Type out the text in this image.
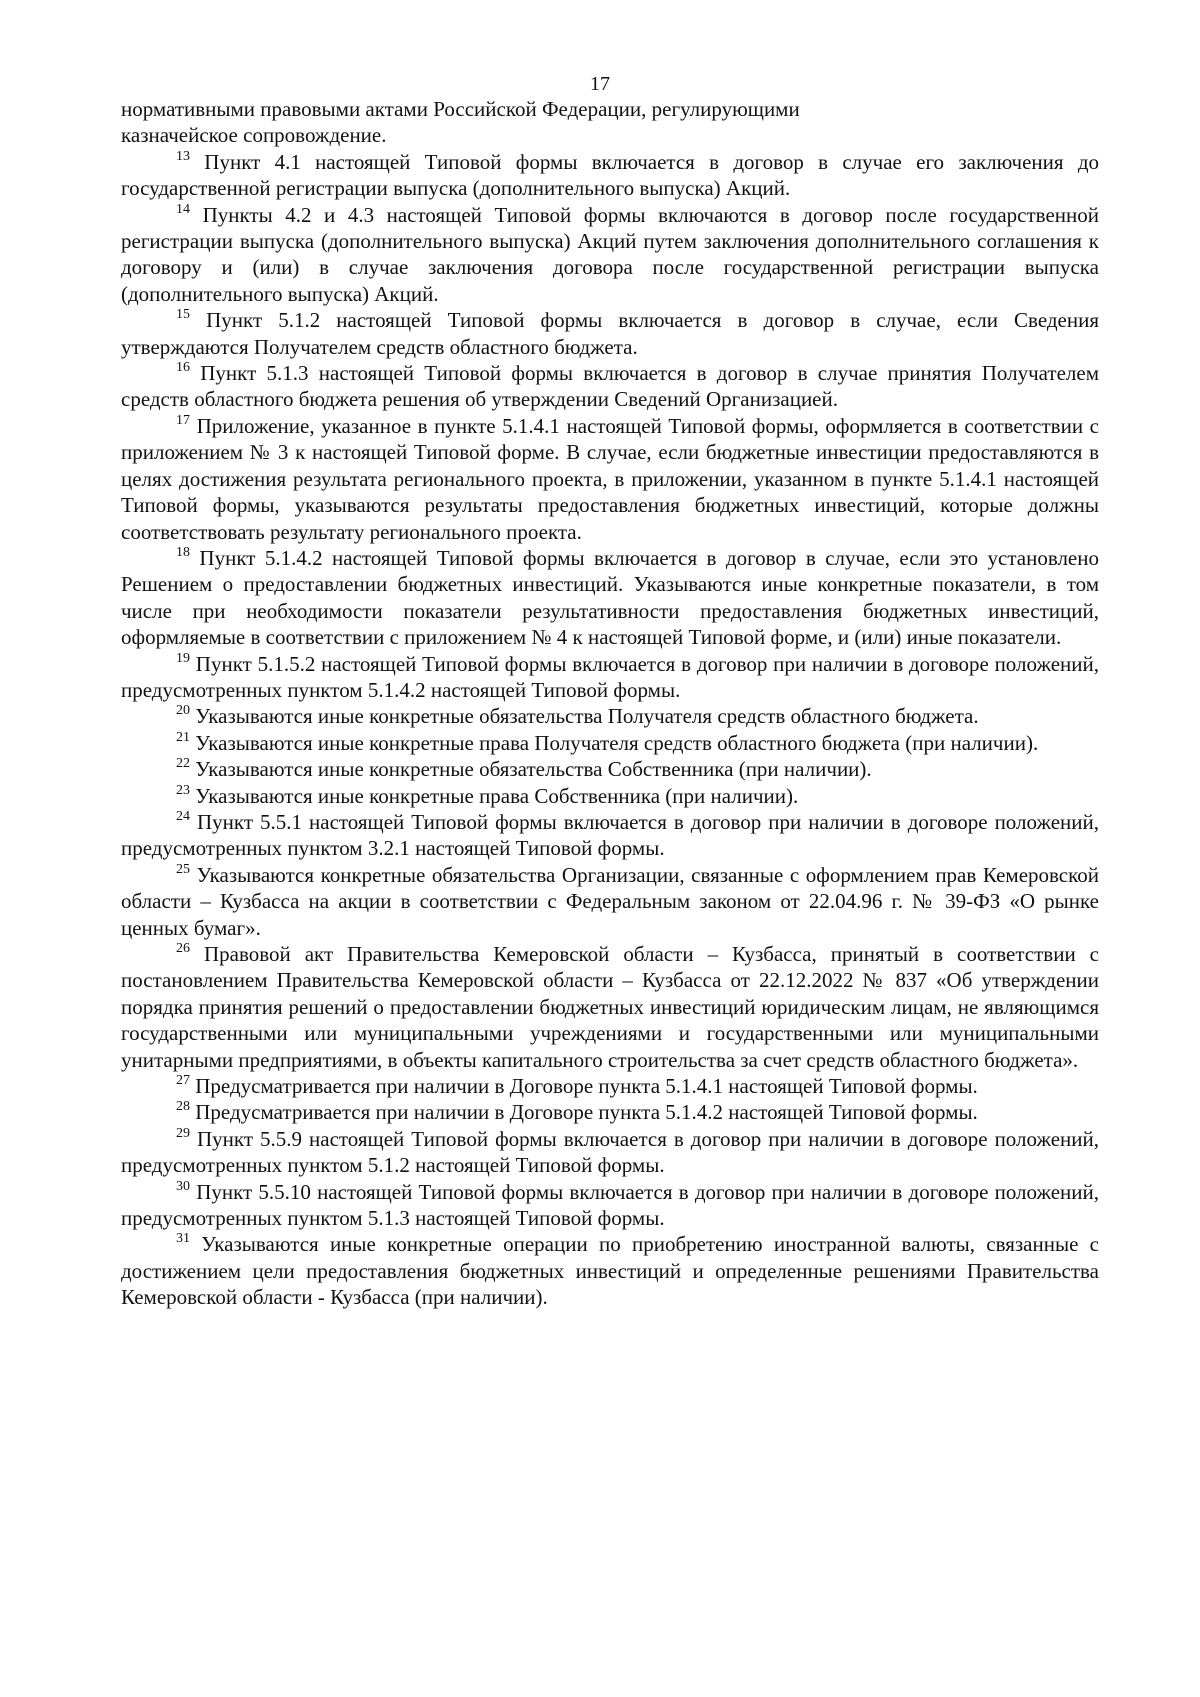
17

нормативными правовыми актами Российской Федерации, регулирующими
казначейское сопровождение.

$^{13}$ Пункт 4.1 настоящей Типовой формы включается в договор в случае его заключения до государственной регистрации выпуска (дополнительного выпуска) Акций.

$^{14}$ Пункты 4.2 и 4.3 настоящей Типовой формы включаются в договор после государственной регистрации выпуска (дополнительного выпуска) Акций путем заключения дополнительного соглашения к договору и (или) в случае заключения договора после государственной регистрации выпуска (дополнительного выпуска) Акций.

$^{15}$ Пункт 5.1.2 настоящей Типовой формы включается в договор в случае, если Сведения утверждаются Получателем средств областного бюджета.

$^{16}$ Пункт 5.1.3 настоящей Типовой формы включается в договор в случае принятия Получателем средств областного бюджета решения об утверждении Сведений Организацией.

$^{17}$ Приложение, указанное в пункте 5.1.4.1 настоящей Типовой формы, оформляется в соответствии с приложением № 3 к настоящей Типовой форме. В случае, если бюджетные инвестиции предоставляются в целях достижения результата регионального проекта, в приложении, указанном в пункте 5.1.4.1 настоящей Типовой формы, указываются результаты предоставления бюджетных инвестиций, которые должны соответствовать результату регионального проекта.

$^{18}$ Пункт 5.1.4.2 настоящей Типовой формы включается в договор в случае, если это установлено Решением о предоставлении бюджетных инвестиций. Указываются иные конкретные показатели, в том числе при необходимости показатели результативности предоставления бюджетных инвестиций, оформляемые в соответствии с приложением № 4 к настоящей Типовой форме, и (или) иные показатели.

$^{19}$ Пункт 5.1.5.2 настоящей Типовой формы включается в договор при наличии в договоре положений, предусмотренных пунктом 5.1.4.2 настоящей Типовой формы.

$^{20}$ Указываются иные конкретные обязательства Получателя средств областного бюджета.

$^{21}$ Указываются иные конкретные права Получателя средств областного бюджета (при наличии).

$^{22}$ Указываются иные конкретные обязательства Собственника (при наличии).

$^{23}$ Указываются иные конкретные права Собственника (при наличии).

$^{24}$ Пункт 5.5.1 настоящей Типовой формы включается в договор при наличии в договоре положений, предусмотренных пунктом 3.2.1 настоящей Типовой формы.

$^{25}$ Указываются конкретные обязательства Организации, связанные с оформлением прав Кемеровской области – Кузбасса на акции в соответствии с Федеральным законом от 22.04.96 г. № 39-ФЗ «О рынке ценных бумаг».

$^{26}$ Правовой акт Правительства Кемеровской области – Кузбасса, принятый в соответствии с постановлением Правительства Кемеровской области – Кузбасса от 22.12.2022 № 837 «Об утверждении порядка принятия решений о предоставлении бюджетных инвестиций юридическим лицам, не являющимся государственными или муниципальными учреждениями и государственными или муниципальными унитарными предприятиями, в объекты капитального строительства за счет средств областного бюджета».

$^{27}$ Предусматривается при наличии в Договоре пункта 5.1.4.1 настоящей Типовой формы.

$^{28}$ Предусматривается при наличии в Договоре пункта 5.1.4.2 настоящей Типовой формы.

$^{29}$ Пункт 5.5.9 настоящей Типовой формы включается в договор при наличии в договоре положений, предусмотренных пунктом 5.1.2 настоящей Типовой формы.

$^{30}$ Пункт 5.5.10 настоящей Типовой формы включается в договор при наличии в договоре положений, предусмотренных пунктом 5.1.3 настоящей Типовой формы.

$^{31}$ Указываются иные конкретные операции по приобретению иностранной валюты, связанные с достижением цели предоставления бюджетных инвестиций и определенные решениями Правительства Кемеровской области - Кузбасса (при наличии).
